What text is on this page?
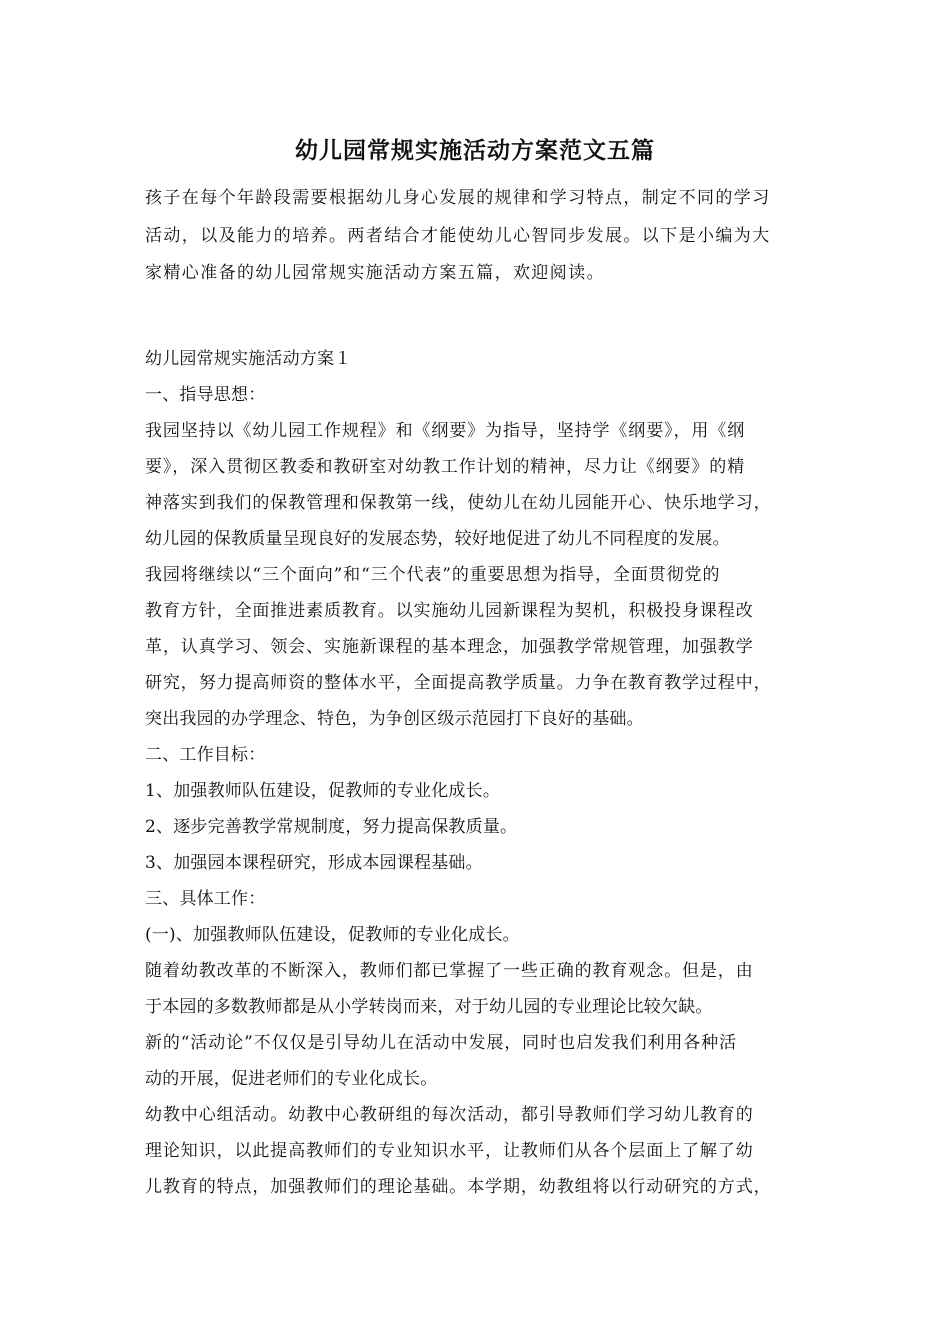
幼儿园常规实施活动方案范文五篇
孩子在每个年龄段需要根据幼儿身心发展的规律和学习特点，制定不同的学习
活动，以及能力的培养。两者结合才能使幼儿心智同步发展。以下是小编为大
家精心准备的幼儿园常规实施活动方案五篇，欢迎阅读。
幼儿园常规实施活动方案１
一、指导思想：
我园坚持以《幼儿园工作规程》和《纲要》为指导，坚持学《纲要》，用《纲
要》，深入贯彻区教委和教研室对幼教工作计划的精神，尽力让《纲要》的精
神落实到我们的保教管理和保教第一线，使幼儿在幼儿园能开心、快乐地学习，
幼儿园的保教质量呈现良好的发展态势，较好地促进了幼儿不同程度的发展。
我园将继续以“三个面向”和“三个代表”的重要思想为指导，全面贯彻党的
教育方针，全面推进素质教育。以实施幼儿园新课程为契机，积极投身课程改
革，认真学习、领会、实施新课程的基本理念，加强教学常规管理，加强教学
研究，努力提高师资的整体水平，全面提高教学质量。力争在教育教学过程中，
突出我园的办学理念、特色，为争创区级示范园打下良好的基础。
二、工作目标：
1、加强教师队伍建设，促教师的专业化成长。
2、逐步完善教学常规制度，努力提高保教质量。
3、加强园本课程研究，形成本园课程基础。
三、具体工作：
(一)、加强教师队伍建设，促教师的专业化成长。
随着幼教改革的不断深入，教师们都已掌握了一些正确的教育观念。但是，由
于本园的多数教师都是从小学转岗而来，对于幼儿园的专业理论比较欠缺。
新的“活动论”不仅仅是引导幼儿在活动中发展，同时也启发我们利用各种活
动的开展，促进老师们的专业化成长。
幼教中心组活动。幼教中心教研组的每次活动，都引导教师们学习幼儿教育的
理论知识，以此提高教师们的专业知识水平，让教师们从各个层面上了解了幼
儿教育的特点，加强教师们的理论基础。本学期，幼教组将以行动研究的方式，
